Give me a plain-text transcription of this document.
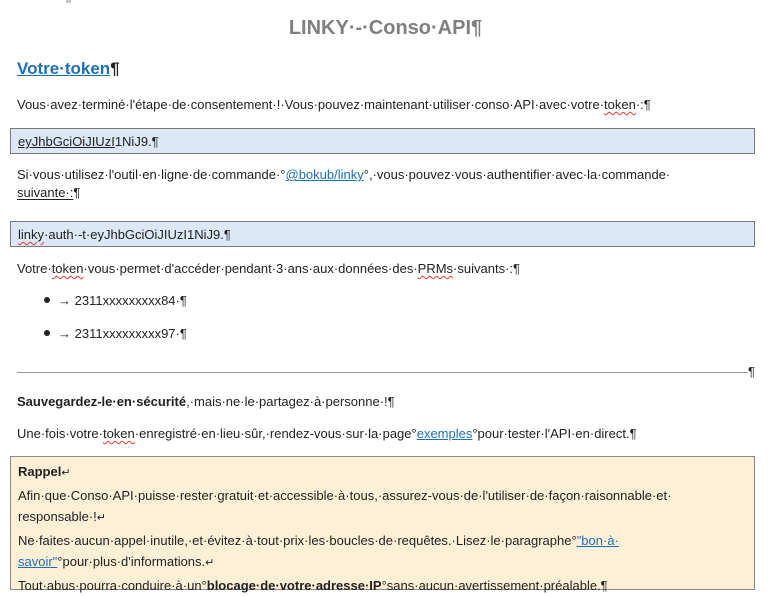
LINKY·-·Conso·API¶
Votre·token¶
Vous·avez·terminé·l'étape·de·consentement·!·Vous·pouvez·maintenant·utiliser·conso·API·avec·votre·token·:¶
eyJhbGciOiJIUzI1NiJ9.¶
Si·vous·utilisez·l'outil·en·ligne·de·commande·°@bokub/linky°,·vous·pouvez·vous·authentifier·avec·la·commande·
suivante·:¶
linky·auth·-t·eyJhbGciOiJIUzI1NiJ9.¶
Votre·token·vous·permet·d'accéder·pendant·3·ans·aux·données·des·PRMs·suivants·:¶
→ 2311xxxxxxxxx84·¶
→ 2311xxxxxxxxx97·¶
¶
Sauvegardez-le·en·sécurité,·mais·ne·le·partagez·à·personne·!¶
Une·fois·votre·token·enregistré·en·lieu·sûr,·rendez-vous·sur·la·page°exemples°pour·tester·l'API·en·direct.¶
Rappel↵
Afin·que·Conso·API·puisse·rester·gratuit·et·accessible·à·tous,·assurez-vous·de·l'utiliser·de·façon·raisonnable·et·
responsable·!↵
Ne·faites·aucun·appel·inutile,·et·évitez·à·tout·prix·les·boucles·de·requêtes.·Lisez·le·paragraphe°"bon·à·
savoir"°pour·plus·d'informations.↵
Tout·abus·pourra·conduire·à·un°blocage·de·votre·adresse·IP°sans·aucun·avertissement·préalable.¶
